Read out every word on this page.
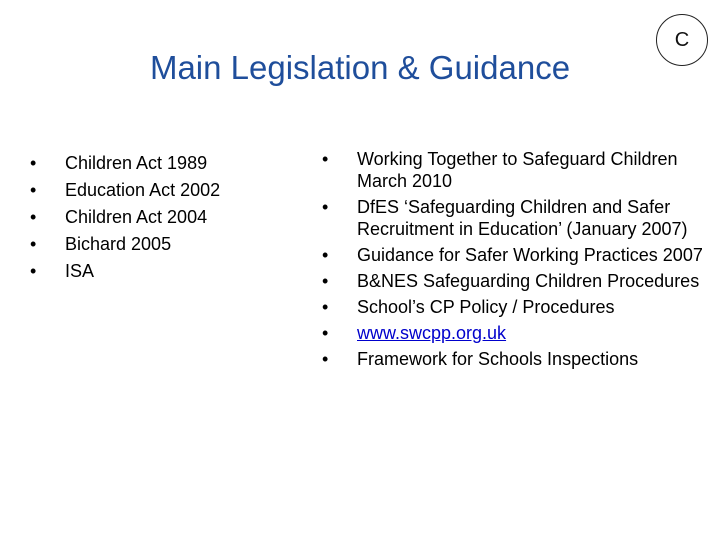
Main Legislation & Guidance
C
•	Children Act 1989
•	Education Act 2002
•	Children Act 2004
•	Bichard 2005
•	ISA
•	Working Together to Safeguard Children March 2010
•	DfES ‘Safeguarding Children and Safer Recruitment in Education’ (January 2007)
•	Guidance for Safer Working Practices 2007
•	B&NES Safeguarding Children Procedures
•	School’s CP Policy / Procedures
•	www.swcpp.org.uk
•	Framework for Schools Inspections
